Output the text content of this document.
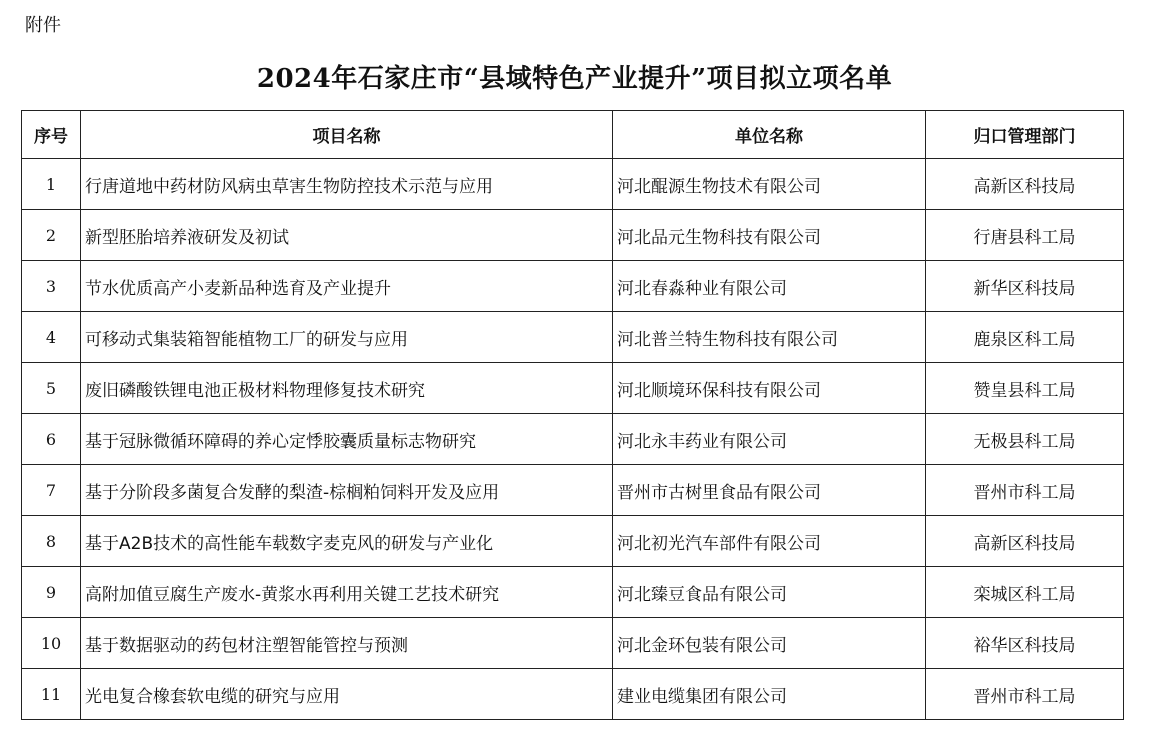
附件
2024年石家庄市“县域特色产业提升”项目拟立项名单
序号	项目名称	单位名称	归口管理部门
1	行唐道地中药材防风病虫草害生物防控技术示范与应用	河北醌源生物技术有限公司	高新区科技局
2	新型胚胎培养液研发及初试	河北品元生物科技有限公司	行唐县科工局
3	节水优质高产小麦新品种选育及产业提升	河北春淼种业有限公司	新华区科技局
4	可移动式集装箱智能植物工厂的研发与应用	河北普兰特生物科技有限公司	鹿泉区科工局
5	废旧磷酸铁锂电池正极材料物理修复技术研究	河北顺境环保科技有限公司	赞皇县科工局
6	基于冠脉微循环障碍的养心定悸胶囊质量标志物研究	河北永丰药业有限公司	无极县科工局
7	基于分阶段多菌复合发酵的梨渣-棕榈粕饲料开发及应用	晋州市古树里食品有限公司	晋州市科工局
8	基于A2B技术的高性能车载数字麦克风的研发与产业化	河北初光汽车部件有限公司	高新区科技局
9	高附加值豆腐生产废水-黄浆水再利用关键工艺技术研究	河北臻豆食品有限公司	栾城区科工局
10	基于数据驱动的药包材注塑智能管控与预测	河北金环包装有限公司	裕华区科技局
11	光电复合橡套软电缆的研究与应用	建业电缆集团有限公司	晋州市科工局
